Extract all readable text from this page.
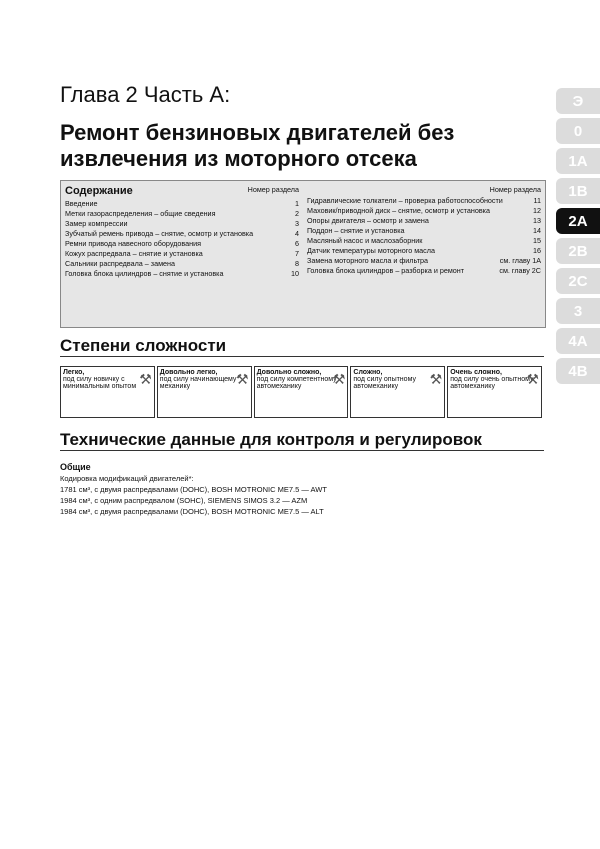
Глава 2 Часть A:
Ремонт бензиновых двигателей без извлечения из моторного отсека
Содержание	Номер раздела
Введение	1
Метки газораспределения – общие сведения	2
Замер компрессии	3
Зубчатый ремень привода – снятие, осмотр и установка	4
Ремни привода навесного оборудования	6
Кожух распредвала – снятие и установка	7
Сальники распредвала – замена	8
Головка блока цилиндров – снятие и установка	10
Номер раздела
Гидравлические толкатели – проверка работоспособности	11
Маховик/приводной диск – снятие, осмотр и установка	12
Опоры двигателя – осмотр и замена	13
Поддон – снятие и установка	14
Масляный насос и маслозаборник	15
Датчик температуры моторного масла	16
Замена моторного масла и фильтра	см. главу 1A
Головка блока цилиндров – разборка и ремонт	см. главу 2C
Степени сложности
Легко,
под силу новичку с минимальным опытом ⚒ Довольно легко,
под силу начинающему механику	⚒ Довольно сложно,
под силу компетентному автомеханику ⚒ Сложно,
под силу опытному автомеханику ⚒ Очень сложно,
под силу очень опытному автомеханику ⚒
Технические данные для контроля и регулировок
Общие
Кодировка модификаций двигателей*:
1781 см³, с двумя распредвалами (DOHC), BOSH MOTRONIC ME7.5 — AWT
1984 см³, с одним распредвалом (SOHC), SIEMENS SIMOS 3.2 — AZM
1984 см³, с двумя распредвалами (DOHC), BOSH MOTRONIC ME7.5 — ALT
Э
0
1A
1B
2A
2B
2C
3
4A
4B
